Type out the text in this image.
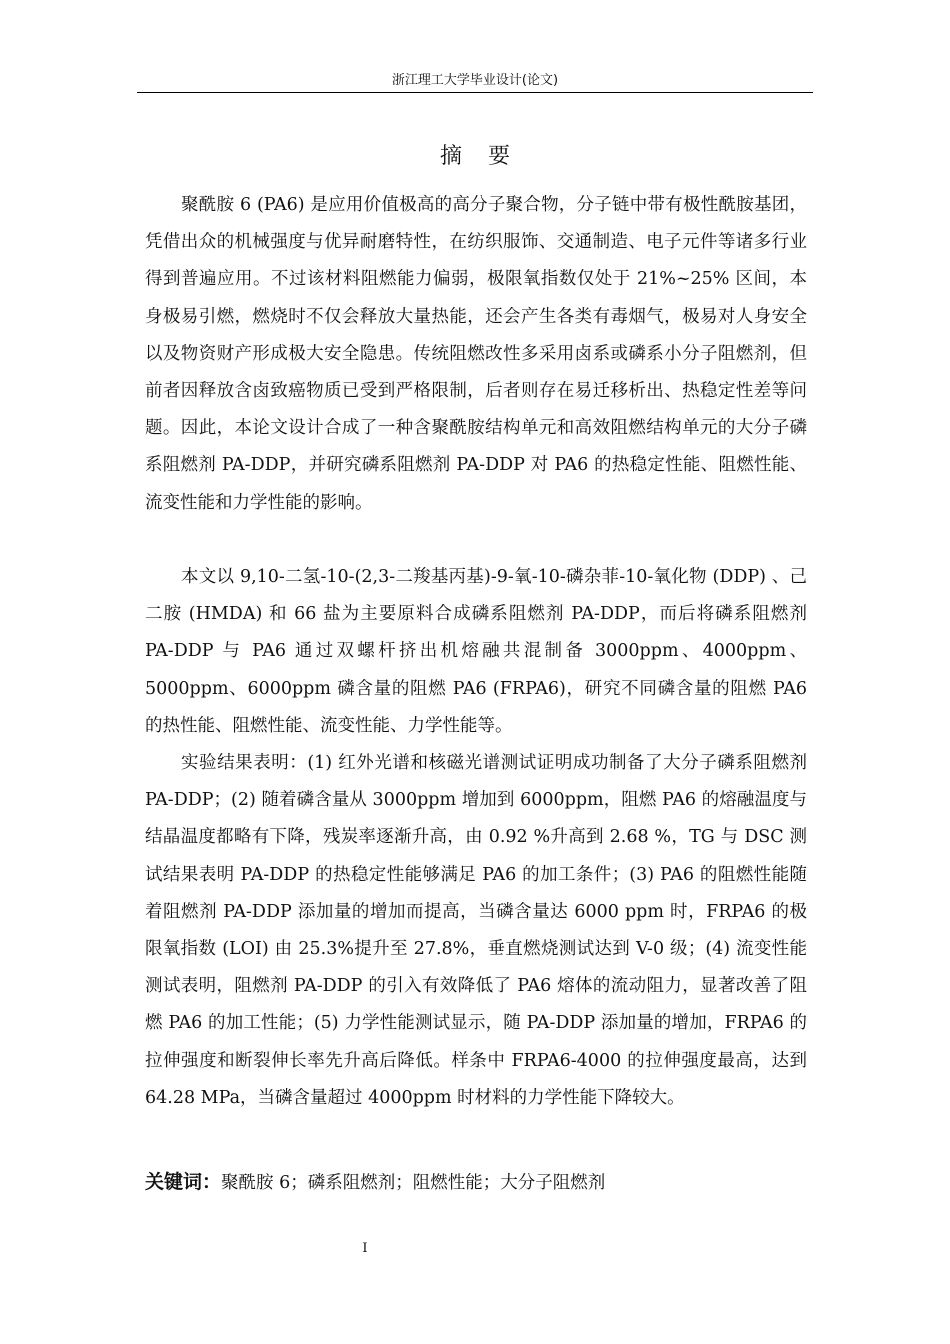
浙江理工大学毕业设计(论文)
摘要

聚酰胺 6 (PA6) 是应用价值极高的高分子聚合物，分子链中带有极性酰胺基团，凭借出众的机械强度与优异耐磨特性，在纺织服饰、交通制造、电子元件等诸多行业得到普遍应用。不过该材料阻燃能力偏弱，极限氧指数仅处于 21%~25% 区间，本身极易引燃，燃烧时不仅会释放大量热能，还会产生各类有毒烟气，极易对人身安全以及物资财产形成极大安全隐患。传统阻燃改性多采用卤系或磷系小分子阻燃剂，但前者因释放含卤致癌物质已受到严格限制，后者则存在易迁移析出、热稳定性差等问题。因此，本论文设计合成了一种含聚酰胺结构单元和高效阻燃结构单元的大分子磷系阻燃剂 PA-DDP，并研究磷系阻燃剂 PA-DDP 对 PA6 的热稳定性能、阻燃性能、流变性能和力学性能的影响。

本文以 9,10-二氢-10-(2,3-二羧基丙基)-9-氧-10-磷杂菲-10-氧化物 (DDP) 、己二胺 (HMDA) 和 66 盐为主要原料合成磷系阻燃剂 PA-DDP，而后将磷系阻燃剂 PA-DDP 与 PA6 通过双螺杆挤出机熔融共混制备 3000ppm、4000ppm、5000ppm、6000ppm 磷含量的阻燃 PA6 (FRPA6)，研究不同磷含量的阻燃 PA6 的热性能、阻燃性能、流变性能、力学性能等。

实验结果表明：(1) 红外光谱和核磁光谱测试证明成功制备了大分子磷系阻燃剂 PA-DDP；(2) 随着磷含量从 3000ppm 增加到 6000ppm，阻燃 PA6 的熔融温度与结晶温度都略有下降，残炭率逐渐升高，由 0.92 %升高到 2.68 %，TG 与 DSC 测试结果表明 PA-DDP 的热稳定性能够满足 PA6 的加工条件；(3) PA6 的阻燃性能随着阻燃剂 PA-DDP 添加量的增加而提高，当磷含量达 6000 ppm 时，FRPA6 的极限氧指数 (LOI) 由 25.3%提升至 27.8%，垂直燃烧测试达到 V-0 级；(4) 流变性能测试表明，阻燃剂 PA-DDP 的引入有效降低了 PA6 熔体的流动阻力，显著改善了阻燃 PA6 的加工性能；(5) 力学性能测试显示，随 PA-DDP 添加量的增加，FRPA6 的拉伸强度和断裂伸长率先升高后降低。样条中 FRPA6-4000 的拉伸强度最高，达到 64.28 MPa，当磷含量超过 4000ppm 时材料的力学性能下降较大。

关键词：聚酰胺 6；磷系阻燃剂；阻燃性能；大分子阻燃剂
I
